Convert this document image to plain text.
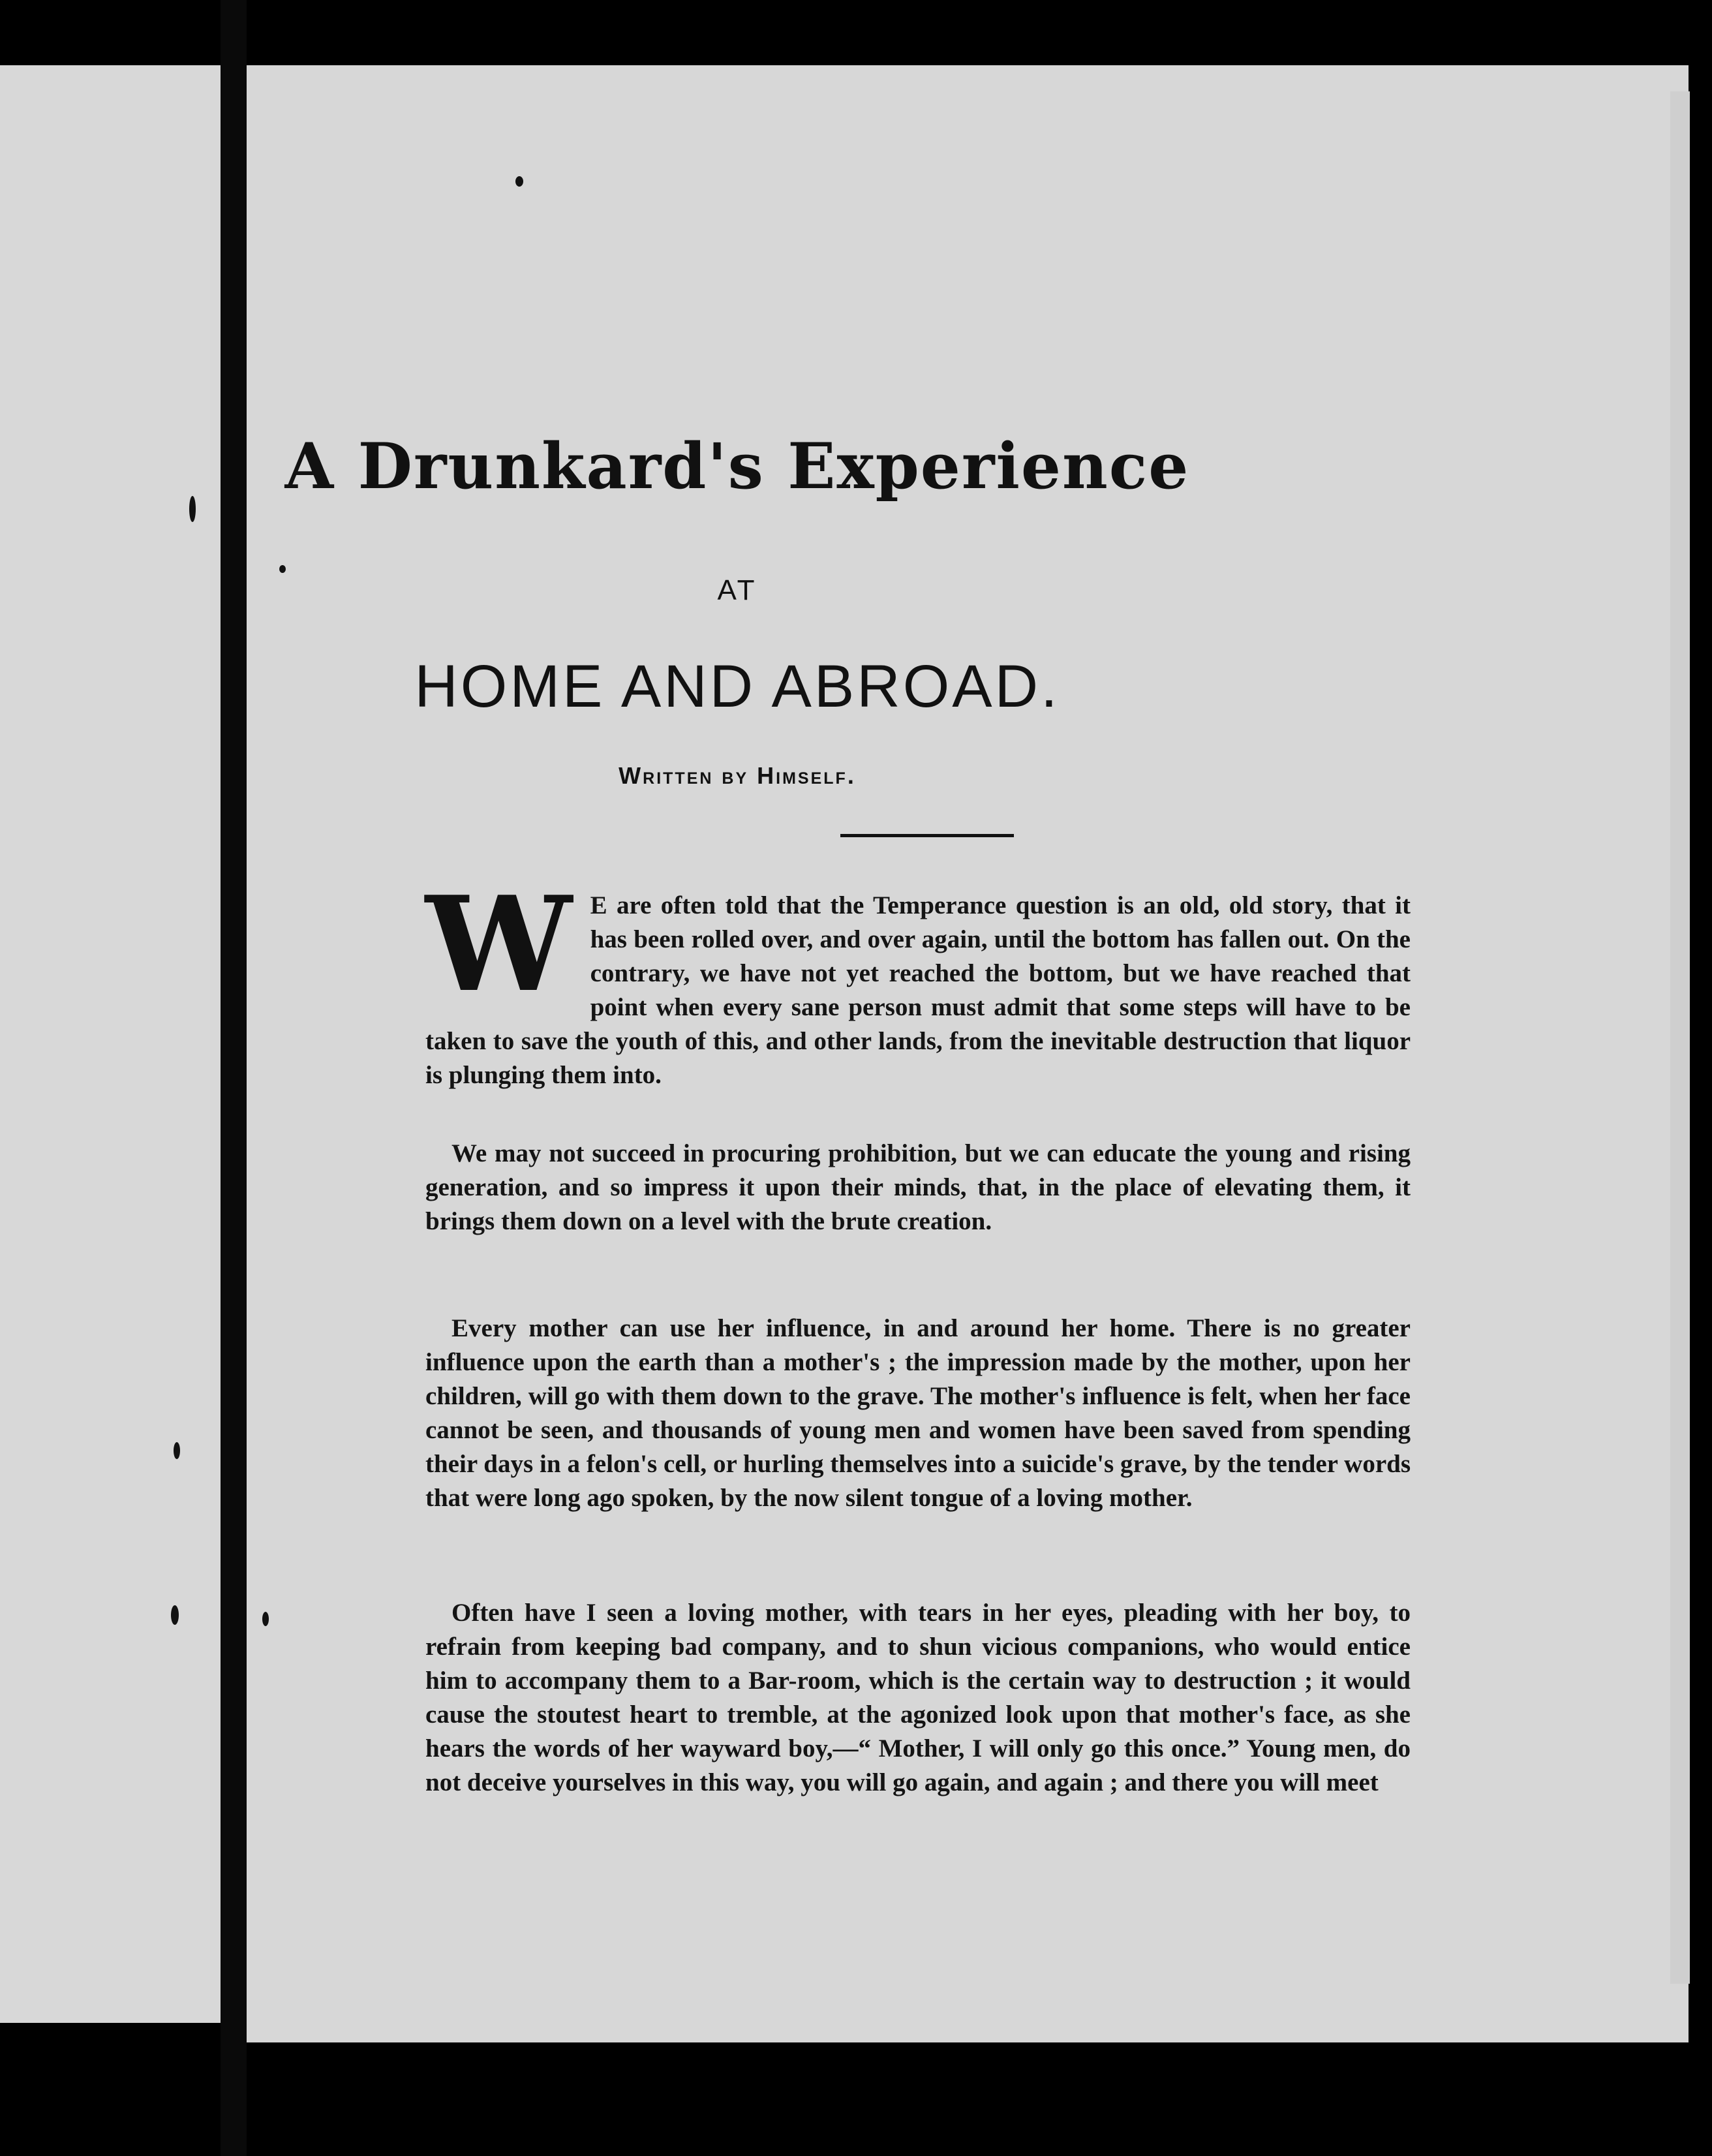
A Drunkard's Experience
AT
HOME AND ABROAD.
Written by Himself.
W E are often told that the Temperance question is an old, old story, that it has been rolled over, and over again, until the bottom has fallen out. On the contrary, we have not yet reached the bottom, but we have reached that point when every sane person must admit that some steps will have to be taken to save the youth of this, and other lands, from the inevitable destruction that liquor is plunging them into.
We may not succeed in procuring prohibition, but we can educate the young and rising generation, and so impress it upon their minds, that, in the place of elevating them, it brings them down on a level with the brute creation.
Every mother can use her influence, in and around her home. There is no greater influence upon the earth than a mother's ; the impression made by the mother, upon her children, will go with them down to the grave. The mother's influence is felt, when her face cannot be seen, and thousands of young men and women have been saved from spending their days in a felon's cell, or hurling themselves into a suicide's grave, by the tender words that were long ago spoken, by the now silent tongue of a loving mother.
Often have I seen a loving mother, with tears in her eyes, pleading with her boy, to refrain from keeping bad company, and to shun vicious companions, who would entice him to accompany them to a Bar-room, which is the certain way to destruction ; it would cause the stoutest heart to tremble, at the agonized look upon that mother's face, as she hears the words of her wayward boy,—“ Mother, I will only go this once.” Young men, do not deceive yourselves in this way, you will go again, and again ; and there you will meet
